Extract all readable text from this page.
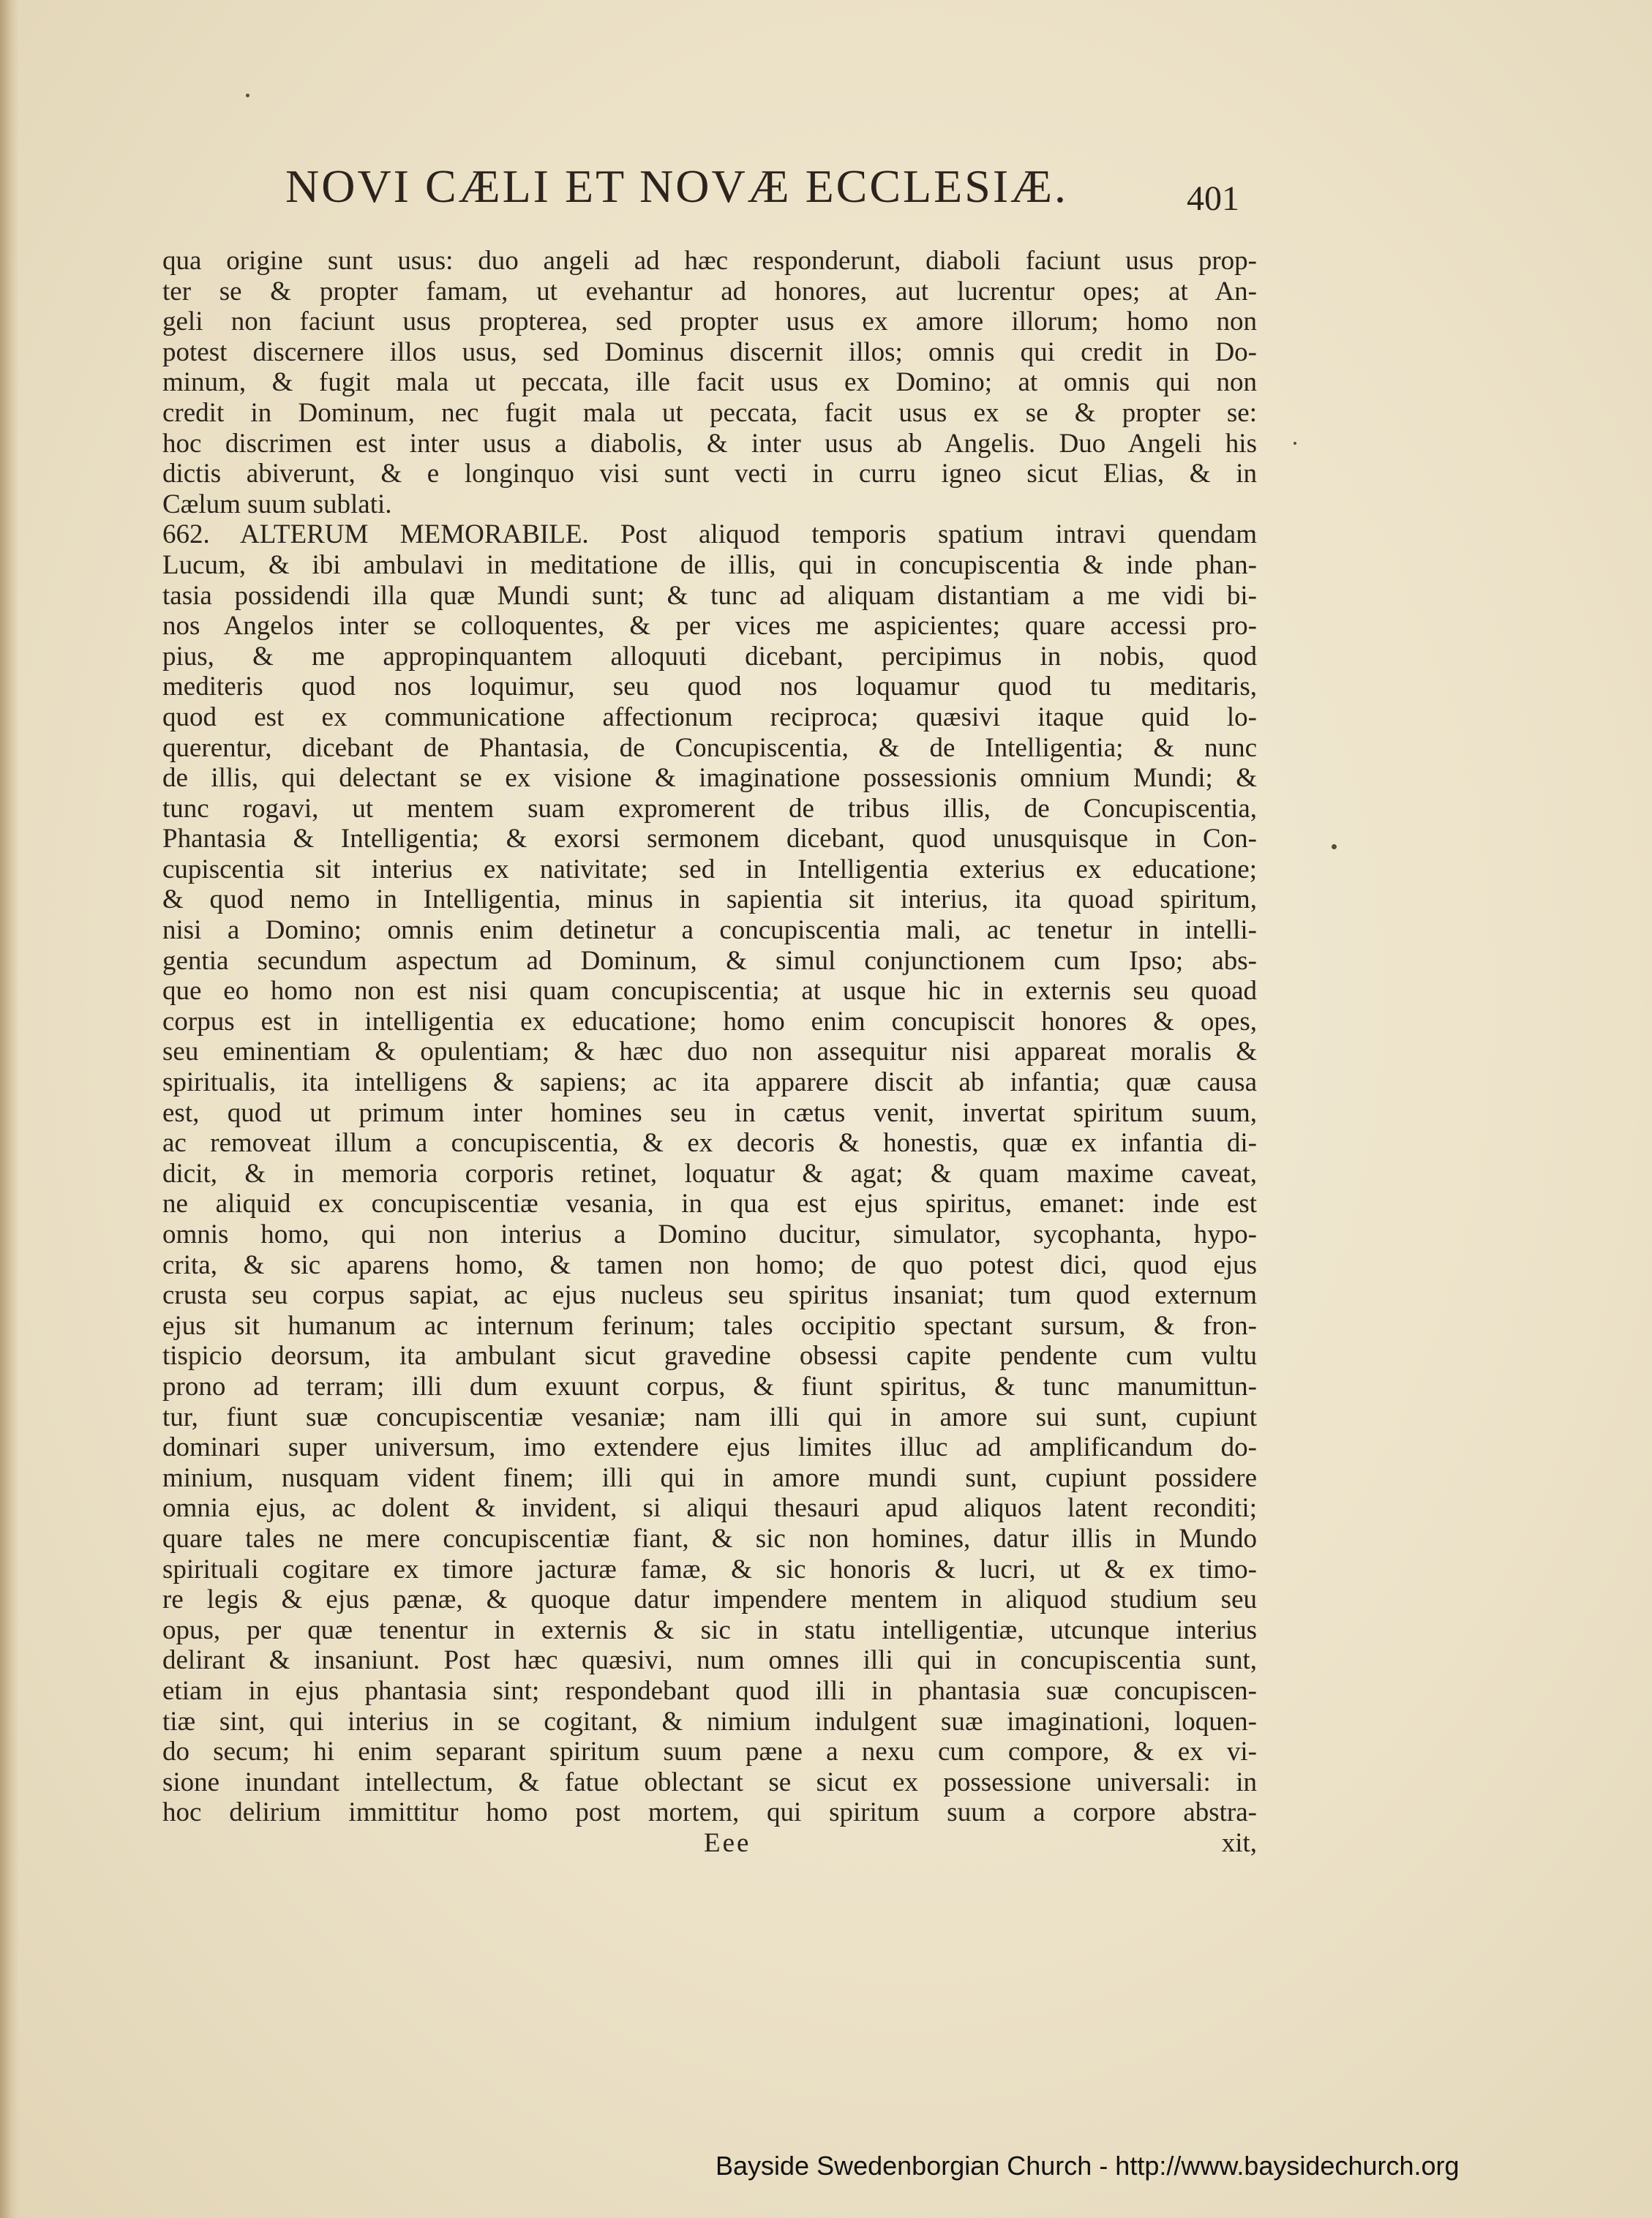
NOVI CÆLI ET NOVÆ ECCLESIÆ.	401
qua origine sunt usus: duo angeli ad hæc responderunt, diaboli faciunt usus prop-
ter se & propter famam, ut evehantur ad honores, aut lucrentur opes; at An-
geli non faciunt usus propterea, sed propter usus ex amore illorum; homo non
potest discernere illos usus, sed Dominus discernit illos; omnis qui credit in Do-
minum, & fugit mala ut peccata, ille facit usus ex Domino; at omnis qui non
credit in Dominum, nec fugit mala ut peccata, facit usus ex se & propter se:
hoc discrimen est inter usus a diabolis, & inter usus ab Angelis. Duo Angeli his
dictis abiverunt, & e longinquo visi sunt vecti in curru igneo sicut Elias, & in
Cælum suum sublati.
662. ALTERUM MEMORABILE. Post aliquod temporis spatium intravi quendam
Lucum, & ibi ambulavi in meditatione de illis, qui in concupiscentia & inde phan-
tasia possidendi illa quæ Mundi sunt; & tunc ad aliquam distantiam a me vidi bi-
nos Angelos inter se colloquentes, & per vices me aspicientes; quare accessi pro-
pius, & me appropinquantem alloquuti dicebant, percipimus in nobis, quod
mediteris quod nos loquimur, seu quod nos loquamur quod tu meditaris,
quod est ex communicatione affectionum reciproca; quæsivi itaque quid lo-
querentur, dicebant de Phantasia, de Concupiscentia, & de Intelligentia; & nunc
de illis, qui delectant se ex visione & imaginatione possessionis omnium Mundi; &
tunc rogavi, ut mentem suam expromerent de tribus illis, de Concupiscentia,
Phantasia & Intelligentia; & exorsi sermonem dicebant, quod unusquisque in Con-
cupiscentia sit interius ex nativitate; sed in Intelligentia exterius ex educatione;
& quod nemo in Intelligentia, minus in sapientia sit interius, ita quoad spiritum,
nisi a Domino; omnis enim detinetur a concupiscentia mali, ac tenetur in intelli-
gentia secundum aspectum ad Dominum, & simul conjunctionem cum Ipso; abs-
que eo homo non est nisi quam concupiscentia; at usque hic in externis seu quoad
corpus est in intelligentia ex educatione; homo enim concupiscit honores & opes,
seu eminentiam & opulentiam; & hæc duo non assequitur nisi appareat moralis &
spiritualis, ita intelligens & sapiens; ac ita apparere discit ab infantia; quæ causa
est, quod ut primum inter homines seu in cætus venit, invertat spiritum suum,
ac removeat illum a concupiscentia, & ex decoris & honestis, quæ ex infantia di-
dicit, & in memoria corporis retinet, loquatur & agat; & quam maxime caveat,
ne aliquid ex concupiscentiæ vesania, in qua est ejus spiritus, emanet: inde est
omnis homo, qui non interius a Domino ducitur, simulator, sycophanta, hypo-
crita, & sic aparens homo, & tamen non homo; de quo potest dici, quod ejus
crusta seu corpus sapiat, ac ejus nucleus seu spiritus insaniat; tum quod externum
ejus sit humanum ac internum ferinum; tales occipitio spectant sursum, & fron-
tispicio deorsum, ita ambulant sicut gravedine obsessi capite pendente cum vultu
prono ad terram; illi dum exuunt corpus, & fiunt spiritus, & tunc manumittun-
tur, fiunt suæ concupiscentiæ vesaniæ; nam illi qui in amore sui sunt, cupiunt
dominari super universum, imo extendere ejus limites illuc ad amplificandum do-
minium, nusquam vident finem; illi qui in amore mundi sunt, cupiunt possidere
omnia ejus, ac dolent & invident, si aliqui thesauri apud aliquos latent reconditi;
quare tales ne mere concupiscentiæ fiant, & sic non homines, datur illis in Mundo
spirituali cogitare ex timore jacturæ famæ, & sic honoris & lucri, ut & ex timo-
re legis & ejus pænæ, & quoque datur impendere mentem in aliquod studium seu
opus, per quæ tenentur in externis & sic in statu intelligentiæ, utcunque interius
delirant & insaniunt. Post hæc quæsivi, num omnes illi qui in concupiscentia sunt,
etiam in ejus phantasia sint; respondebant quod illi in phantasia suæ concupiscen-
tiæ sint, qui interius in se cogitant, & nimium indulgent suæ imaginationi, loquen-
do secum; hi enim separant spiritum suum pæne a nexu cum compore, & ex vi-
sione inundant intellectum, & fatue oblectant se sicut ex possessione universali: in
hoc delirium immittitur homo post mortem, qui spiritum suum a corpore abstra-
Eee	xit,
Bayside Swedenborgian Church - http://www.baysidechurch.org
